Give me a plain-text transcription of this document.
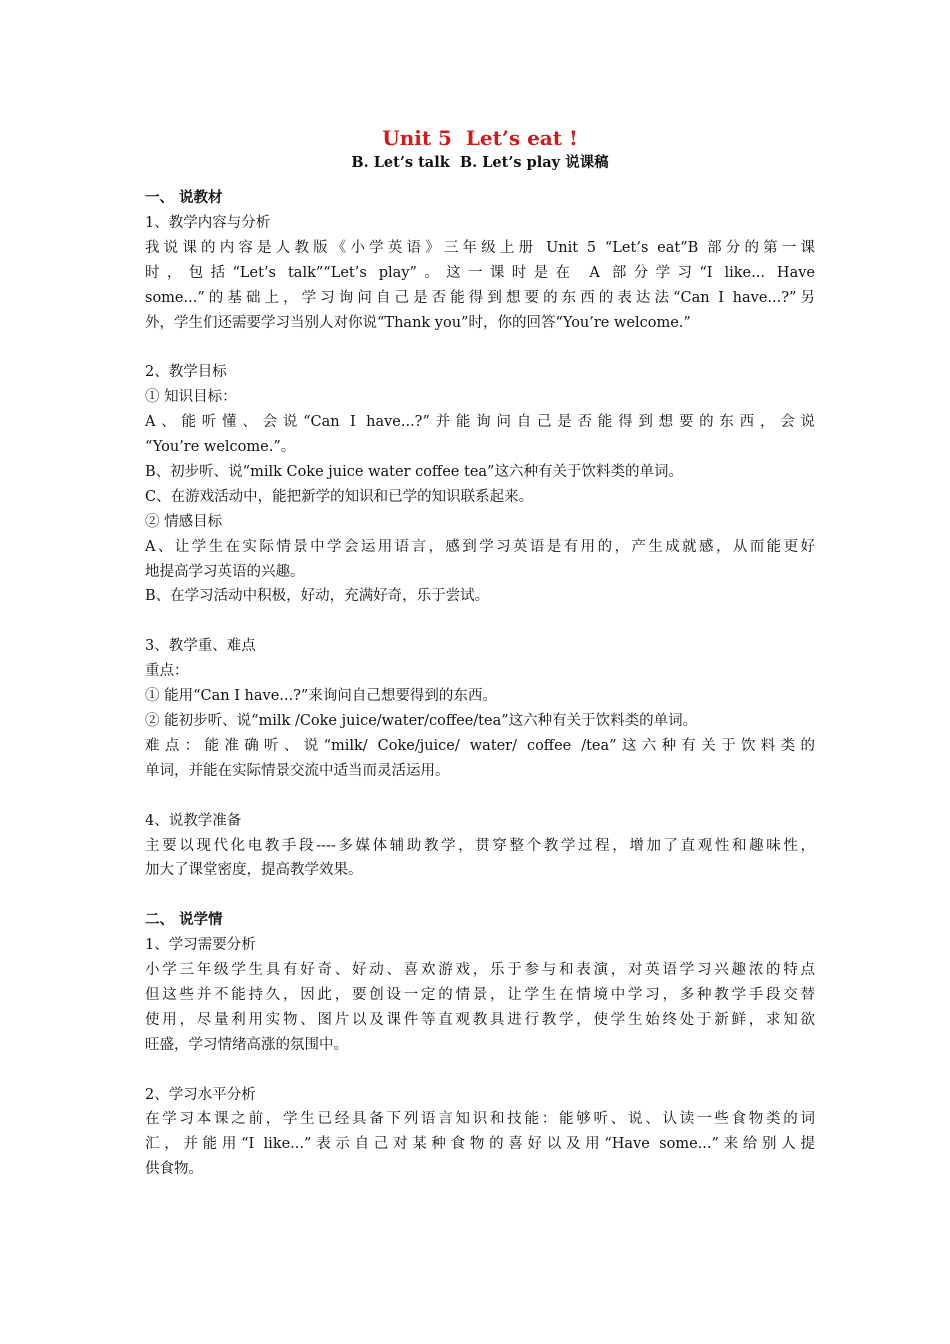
Unit 5  Let’s eat !
B. Let’s talk  B. Let’s play 说课稿
一、 说教材
1、教学内容与分析
我说课的内容是人教版《小学英语》三年级上册 Unit 5 “Let’s eat”B 部分的第一课
时，包括“Let’s talk”“Let’s play”。这一课时是在 A 部分学习“I like... Have
some...”的基础上，学习询问自己是否能得到想要的东西的表达法“Can I have...?”另
外，学生们还需要学习当别人对你说“Thank you”时，你的回答“You’re welcome.”
2、教学目标
① 知识目标：
A、能听懂、会说“Can I have...?”并能询问自己是否能得到想要的东西，会说
“You’re welcome.”。
B、初步听、说“milk Coke juice water coffee tea”这六种有关于饮料类的单词。
C、在游戏活动中，能把新学的知识和已学的知识联系起来。
② 情感目标
A、让学生在实际情景中学会运用语言，感到学习英语是有用的，产生成就感，从而能更好
地提高学习英语的兴趣。
B、在学习活动中积极，好动，充满好奇，乐于尝试。
3、教学重、难点
重点：
① 能用“Can I have...?”来询问自己想要得到的东西。
② 能初步听、说“milk /Coke juice/water/coffee/tea”这六种有关于饮料类的单词。
难点：能准确听、说“milk/ Coke/juice/ water/ coffee /tea”这六种有关于饮料类的
单词，并能在实际情景交流中适当而灵活运用。
4、说教学准备
主要以现代化电教手段----多媒体辅助教学，贯穿整个教学过程，增加了直观性和趣味性，
加大了课堂密度，提高教学效果。
二、 说学情
1、学习需要分析
小学三年级学生具有好奇、好动、喜欢游戏，乐于参与和表演，对英语学习兴趣浓的特点
但这些并不能持久，因此，要创设一定的情景，让学生在情境中学习，多种教学手段交替
使用，尽量利用实物、图片以及课件等直观教具进行教学，使学生始终处于新鲜，求知欲
旺盛，学习情绪高涨的氛围中。
2、学习水平分析
在学习本课之前，学生已经具备下列语言知识和技能：能够听、说、认读一些食物类的词
汇，并能用“I like...”表示自己对某种食物的喜好以及用“Have some...”来给别人提
供食物。
